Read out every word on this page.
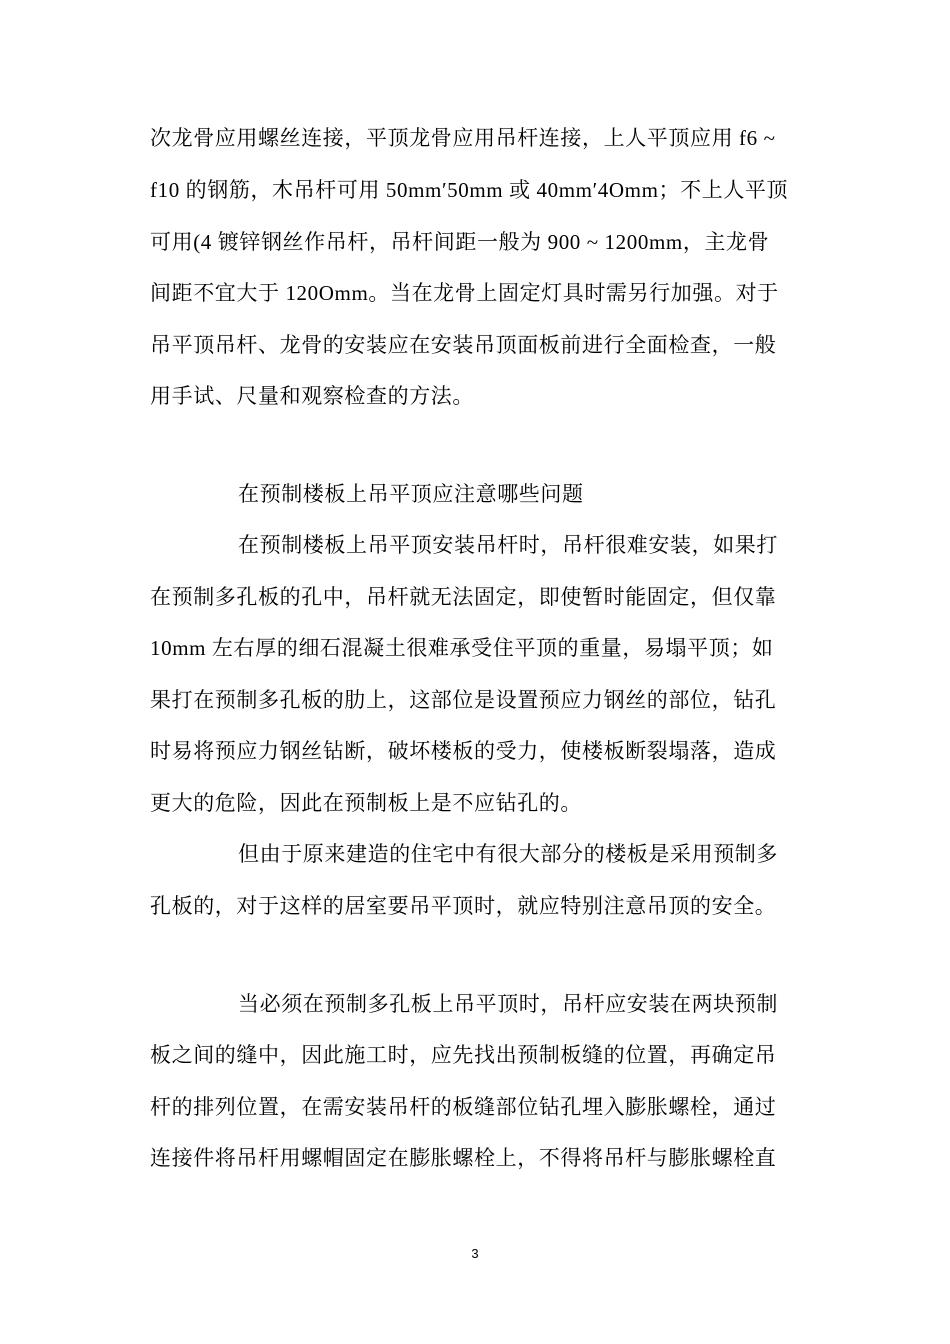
次龙骨应用螺丝连接，平顶龙骨应用吊杆连接，上人平顶应用 f6 ~
f10 的钢筋，木吊杆可用 50mm′50mm 或 40mm′4Omm；不上人平顶
可用(4 镀锌钢丝作吊杆，吊杆间距一般为 900 ~ 1200mm，主龙骨
间距不宜大于 120Omm。当在龙骨上固定灯具时需另行加强。对于
吊平顶吊杆、龙骨的安装应在安装吊顶面板前进行全面检查，一般
用手试、尺量和观察检查的方法。
在预制楼板上吊平顶应注意哪些问题
在预制楼板上吊平顶安装吊杆时，吊杆很难安装，如果打
在预制多孔板的孔中，吊杆就无法固定，即使暂时能固定，但仅靠
10mm 左右厚的细石混凝土很难承受住平顶的重量，易塌平顶；如
果打在预制多孔板的肋上，这部位是设置预应力钢丝的部位，钻孔
时易将预应力钢丝钻断，破坏楼板的受力，使楼板断裂塌落，造成
更大的危险，因此在预制板上是不应钻孔的。
但由于原来建造的住宅中有很大部分的楼板是采用预制多
孔板的，对于这样的居室要吊平顶时，就应特别注意吊顶的安全。
当必须在预制多孔板上吊平顶时，吊杆应安装在两块预制
板之间的缝中，因此施工时，应先找出预制板缝的位置，再确定吊
杆的排列位置，在需安装吊杆的板缝部位钻孔埋入膨胀螺栓，通过
连接件将吊杆用螺帽固定在膨胀螺栓上，不得将吊杆与膨胀螺栓直
3
